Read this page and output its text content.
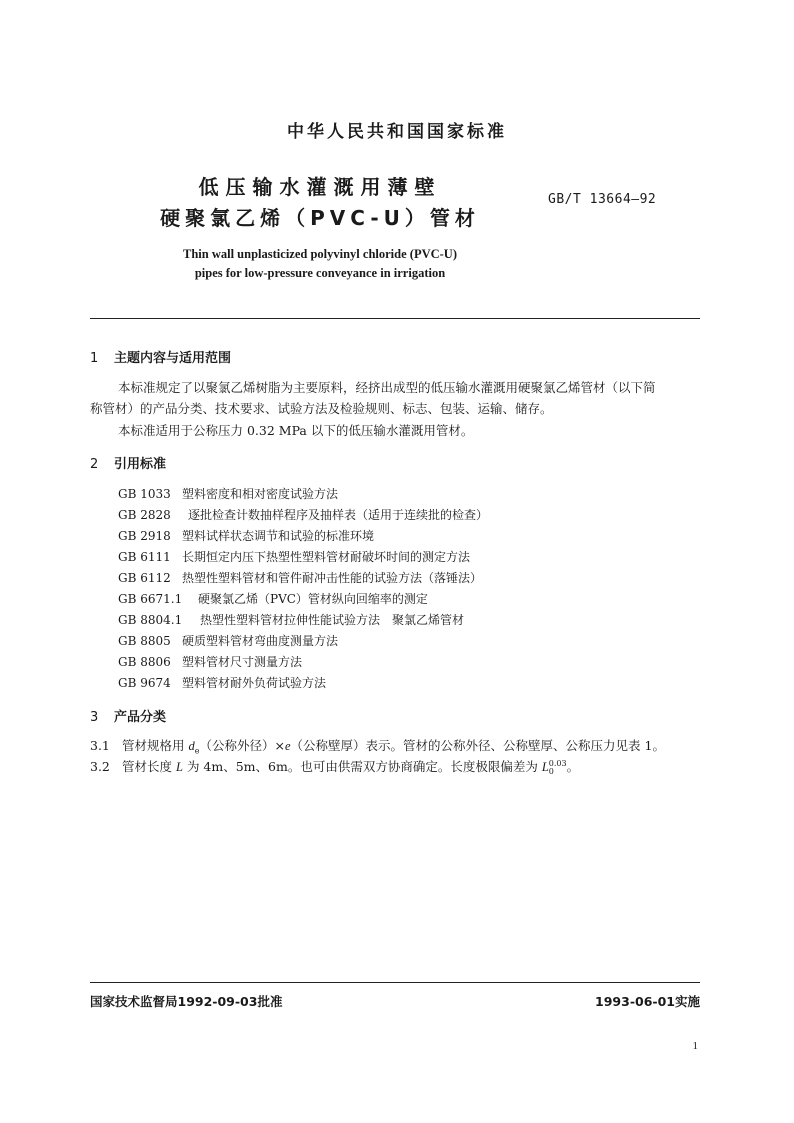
中华人民共和国国家标准
低压输水灌溉用薄壁
硬聚氯乙烯（PVC-U）管材
GB/T 13664—92
Thin wall unplasticized polyvinyl chloride (PVC-U)
pipes for low-pressure conveyance in irrigation
1 主题内容与适用范围
本标准规定了以聚氯乙烯树脂为主要原料，经挤出成型的低压输水灌溉用硬聚氯乙烯管材（以下简
称管材）的产品分类、技术要求、试验方法及检验规则、标志、包装、运输、储存。
本标准适用于公称压力 0.32 MPa 以下的低压输水灌溉用管材。
2 引用标准
GB 1033 塑料密度和相对密度试验方法
GB 2828 逐批检查计数抽样程序及抽样表（适用于连续批的检查）
GB 2918 塑料试样状态调节和试验的标准环境
GB 6111 长期恒定内压下热塑性塑料管材耐破坏时间的测定方法
GB 6112 热塑性塑料管材和管件耐冲击性能的试验方法（落锤法）
GB 6671.1 硬聚氯乙烯（PVC）管材纵向回缩率的测定
GB 8804.1 热塑性塑料管材拉伸性能试验方法　聚氯乙烯管材
GB 8805 硬质塑料管材弯曲度测量方法
GB 8806 塑料管材尺寸测量方法
GB 9674 塑料管材耐外负荷试验方法
3 产品分类
3.1 管材规格用 $d_e$（公称外径）×e（公称壁厚）表示。管材的公称外径、公称壁厚、公称压力见表 1。
3.2 管材长度 L 为 4m、5m、6m。也可由供需双方协商确定。长度极限偏差为 L 0.03
0	。
国家技术监督局1992-09-03批准	1993-06-01实施
1
